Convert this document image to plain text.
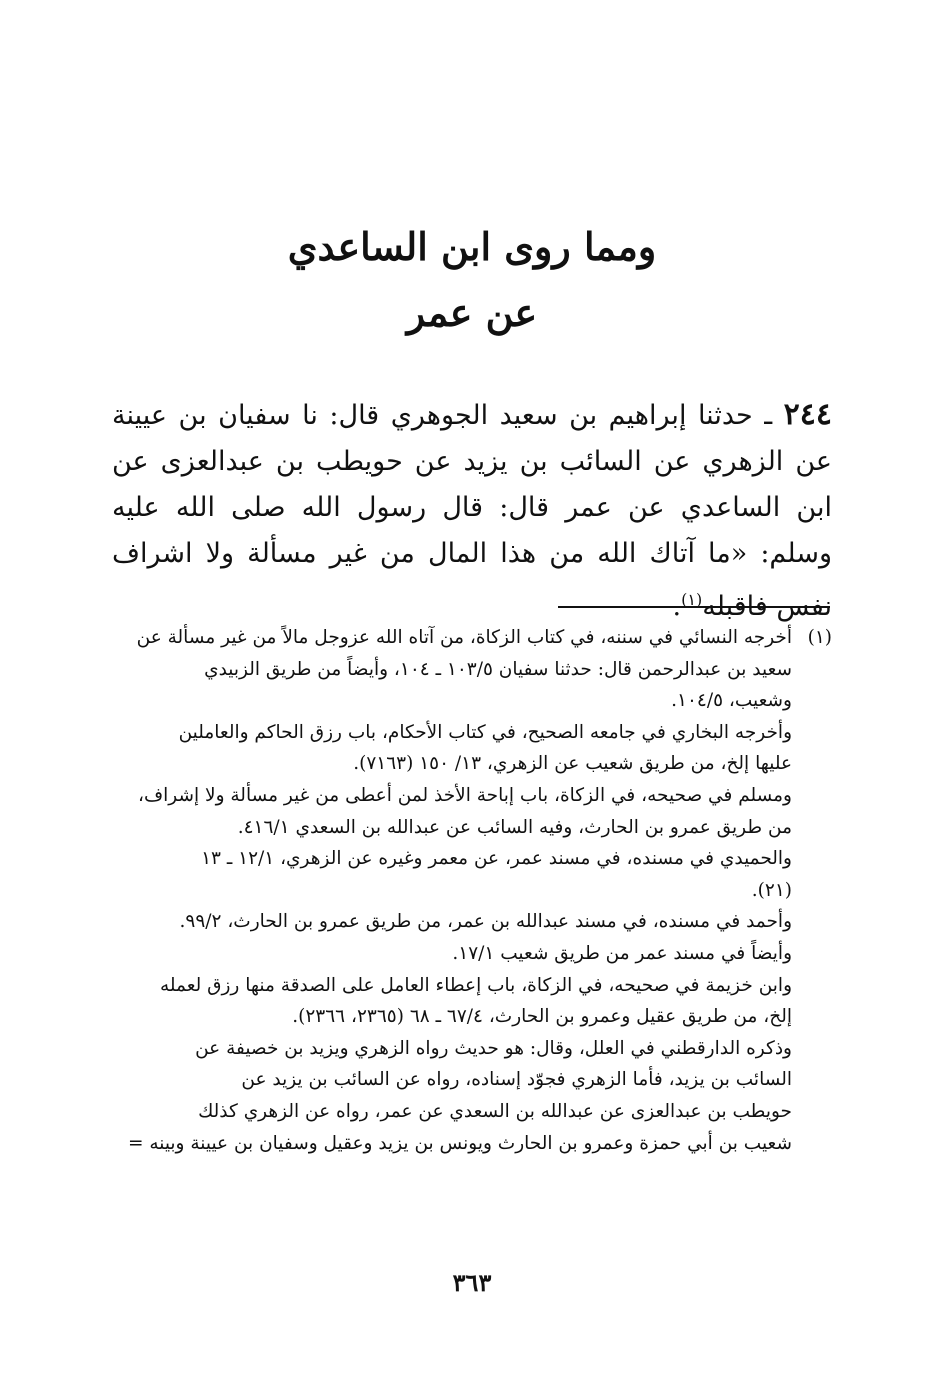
ومما روى ابن الساعدي
عن عمر
٢٤٤ ـ حدثنا إبراهيم بن سعيد الجوهري قال: نا سفيان بن عيينة عن الزهري عن السائب بن يزيد عن حويطب بن عبدالعزى عن ابن الساعدي عن عمر قال: قال رسول الله صلى الله عليه وسلم: «ما آتاك الله من هذا المال من غير مسألة ولا اشراف نفس فاقبله$^{(١)}$.
(١)
أخرجه النسائي في سننه، في كتاب الزكاة، من آتاه الله عزوجل مالاً من غير مسألة عن
سعيد بن عبدالرحمن قال: حدثنا سفيان ١٠٣/٥ ـ ١٠٤، وأيضاً من طريق الزبيدي
وشعيب، ١٠٤/٥.
وأخرجه البخاري في جامعه الصحيح، في كتاب الأحكام، باب رزق الحاكم والعاملين
عليها إلخ، من طريق شعيب عن الزهري، ١٣/ ١٥٠ (٧١٦٣).
ومسلم في صحيحه، في الزكاة، باب إباحة الأخذ لمن أعطى من غير مسألة ولا إشراف،
من طريق عمرو بن الحارث، وفيه السائب عن عبدالله بن السعدي ٤١٦/١.
والحميدي في مسنده، في مسند عمر، عن معمر وغيره عن الزهري، ١٢/١ ـ ١٣
(٢١).
وأحمد في مسنده، في مسند عبدالله بن عمر، من طريق عمرو بن الحارث، ٩٩/٢.
وأيضاً في مسند عمر من طريق شعيب ١٧/١.
وابن خزيمة في صحيحه، في الزكاة، باب إعطاء العامل على الصدقة منها رزق لعمله
إلخ، من طريق عقيل وعمرو بن الحارث، ٦٧/٤ ـ ٦٨ (٢٣٦٥، ٢٣٦٦).
وذكره الدارقطني في العلل، وقال: هو حديث رواه الزهري ويزيد بن خصيفة عن
السائب بن يزيد، فأما الزهري فجوّد إسناده، رواه عن السائب بن يزيد عن
حويطب بن عبدالعزى عن عبدالله بن السعدي عن عمر، رواه عن الزهري كذلك
شعيب بن أبي حمزة وعمرو بن الحارث ويونس بن يزيد وعقيل وسفيان بن عيينة وبينه =
٣٦٣
